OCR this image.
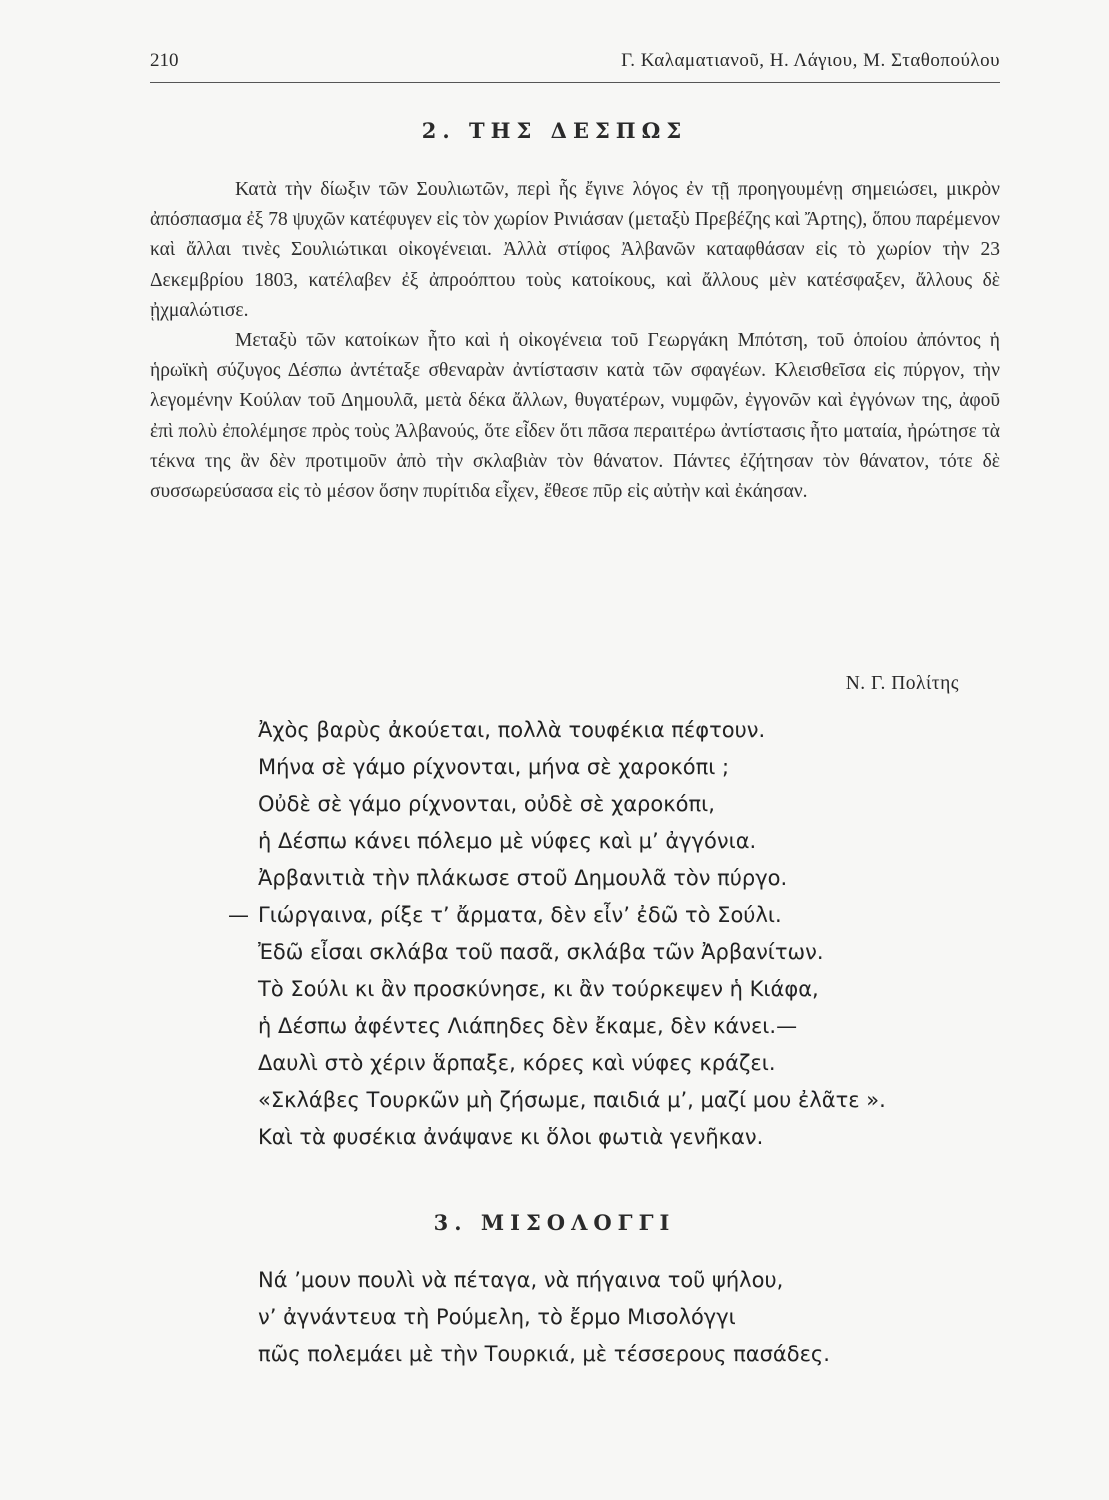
210	Γ. Καλαματιανοῦ, Η. Λάγιου, Μ. Σταθοπούλου
2. ΤΗΣ ΔΕΣΠΩΣ

Κατὰ τὴν δίωξιν τῶν Σουλιωτῶν, περὶ ἧς ἔγινε λόγος ἐν τῇ προηγουμένῃ σημειώσει, μικρὸν ἀπόσπασμα ἐξ 78 ψυχῶν κατέφυγεν εἰς τὸν χωρίον Ρινιάσαν (μεταξὺ Πρεβέζης καὶ Ἄρτης), ὅπου παρέμενον καὶ ἄλλαι τινὲς Σουλιώτικαι οἰκογένειαι. Ἀλλὰ στίφος Ἀλβανῶν καταφθάσαν εἰς τὸ χωρίον τὴν 23 Δεκεμβρίου 1803, κατέλαβεν ἐξ ἀπροόπτου τοὺς κατοίκους, καὶ ἄλλους μὲν κατέσφαξεν, ἄλλους δὲ ᾐχμαλώτισε.

Μεταξὺ τῶν κατοίκων ἦτο καὶ ἡ οἰκογένεια τοῦ Γεωργάκη Μπότση, τοῦ ὁποίου ἀπόντος ἡ ἡρωϊκὴ σύζυγος Δέσπω ἀντέταξε σθεναρὰν ἀντίστασιν κατὰ τῶν σφαγέων. Κλεισθεῖσα εἰς πύργον, τὴν λεγομένην Κούλαν τοῦ Δημουλᾶ, μετὰ δέκα ἄλλων, θυγατέρων, νυμφῶν, ἐγγονῶν καὶ ἐγγόνων της, ἀφοῦ ἐπὶ πολὺ ἐπολέμησε πρὸς τοὺς Ἀλβανούς, ὅτε εἶδεν ὅτι πᾶσα περαιτέρω ἀντίστασις ἦτο ματαία, ἠρώτησε τὰ τέκνα της ἂν δὲν προτιμοῦν ἀπὸ τὴν σκλαβιὰν τὸν θάνατον. Πάντες ἐζήτησαν τὸν θάνατον, τότε δὲ συσσωρεύσασα εἰς τὸ μέσον ὅσην πυρίτιδα εἶχεν, ἔθεσε πῦρ εἰς αὐτὴν καὶ ἐκάησαν.

Ν. Γ. Πολίτης
Ἀχὸς βαρὺς ἀκούεται, πολλὰ τουφέκια πέφτουν.
Μήνα σὲ γάμο ρίχνονται, μήνα σὲ χαροκόπι ;
Οὐδὲ σὲ γάμο ρίχνονται, οὐδὲ σὲ χαροκόπι,
ἡ Δέσπω κάνει πόλεμο μὲ νύφες καὶ μ’ ἀγγόνια.
Ἀρβανιτιὰ τὴν πλάκωσε στοῦ Δημουλᾶ τὸν πύργο.
— Γιώργαινα, ρίξε τ’ ἄρματα, δὲν εἶν’ ἐδῶ τὸ Σούλι.
Ἐδῶ εἶσαι σκλάβα τοῦ πασᾶ, σκλάβα τῶν Ἀρβανίτων.
Τὸ Σούλι κι ἂν προσκύνησε, κι ἂν τούρκεψεν ἡ Κιάφα,
ἡ Δέσπω ἀφέντες Λιάπηδες δὲν ἔκαμε, δὲν κάνει.—
Δαυλὶ στὸ χέριν ἅρπαξε, κόρες καὶ νύφες κράζει.
«Σκλάβες Τουρκῶν μὴ ζήσωμε, παιδιά μ’, μαζί μου ἐλᾶτε ».
Καὶ τὰ φυσέκια ἀνάψανε κι ὅλοι φωτιὰ γενῆκαν.
3. ΜΙΣΟΛΟΓΓΙ
Νά ’μουν πουλὶ νὰ πέταγα, νὰ πήγαινα τοῦ ψήλου,
ν’ ἀγνάντευα τὴ Ρούμελη, τὸ ἔρμο Μισολόγγι
πῶς πολεμάει μὲ τὴν Τουρκιά, μὲ τέσσερους πασάδες.
